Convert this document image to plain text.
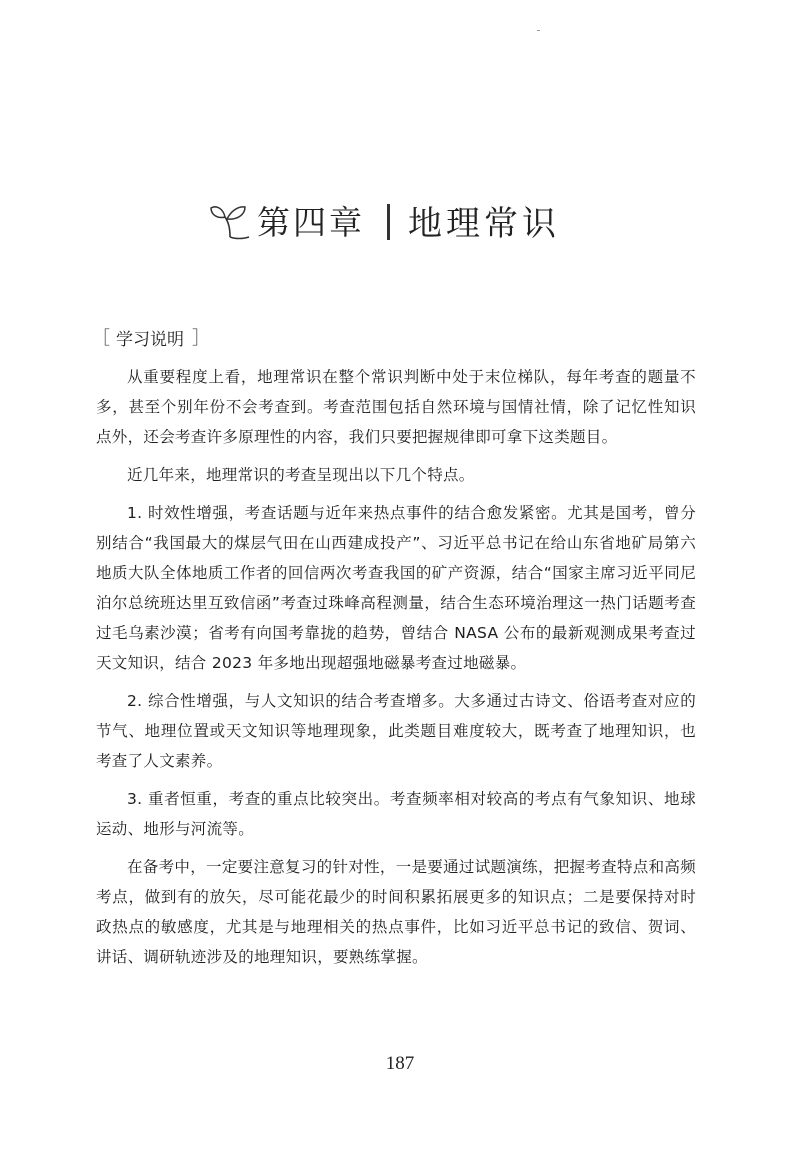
第四章 地理常识
［ 学习说明 ］

从重要程度上看，地理常识在整个常识判断中处于末位梯队，每年考查的题量不多，甚至个别年份不会考查到。考查范围包括自然环境与国情社情，除了记忆性知识点外，还会考查许多原理性的内容，我们只要把握规律即可拿下这类题目。

近几年来，地理常识的考查呈现出以下几个特点。

1. 时效性增强，考查话题与近年来热点事件的结合愈发紧密。尤其是国考，曾分别结合“我国最大的煤层气田在山西建成投产”、习近平总书记在给山东省地矿局第六地质大队全体地质工作者的回信两次考查我国的矿产资源，结合“国家主席习近平同尼泊尔总统班达里互致信函”考查过珠峰高程测量，结合生态环境治理这一热门话题考查过毛乌素沙漠；省考有向国考靠拢的趋势，曾结合 NASA 公布的最新观测成果考查过天文知识，结合 2023 年多地出现超强地磁暴考查过地磁暴。

2. 综合性增强，与人文知识的结合考查增多。大多通过古诗文、俗语考查对应的节气、地理位置或天文知识等地理现象，此类题目难度较大，既考查了地理知识，也考查了人文素养。

3. 重者恒重，考查的重点比较突出。考查频率相对较高的考点有气象知识、地球运动、地形与河流等。

在备考中，一定要注意复习的针对性，一是要通过试题演练，把握考查特点和高频考点，做到有的放矢，尽可能花最少的时间积累拓展更多的知识点；二是要保持对时政热点的敏感度，尤其是与地理相关的热点事件，比如习近平总书记的致信、贺词、讲话、调研轨迹涉及的地理知识，要熟练掌握。

187
